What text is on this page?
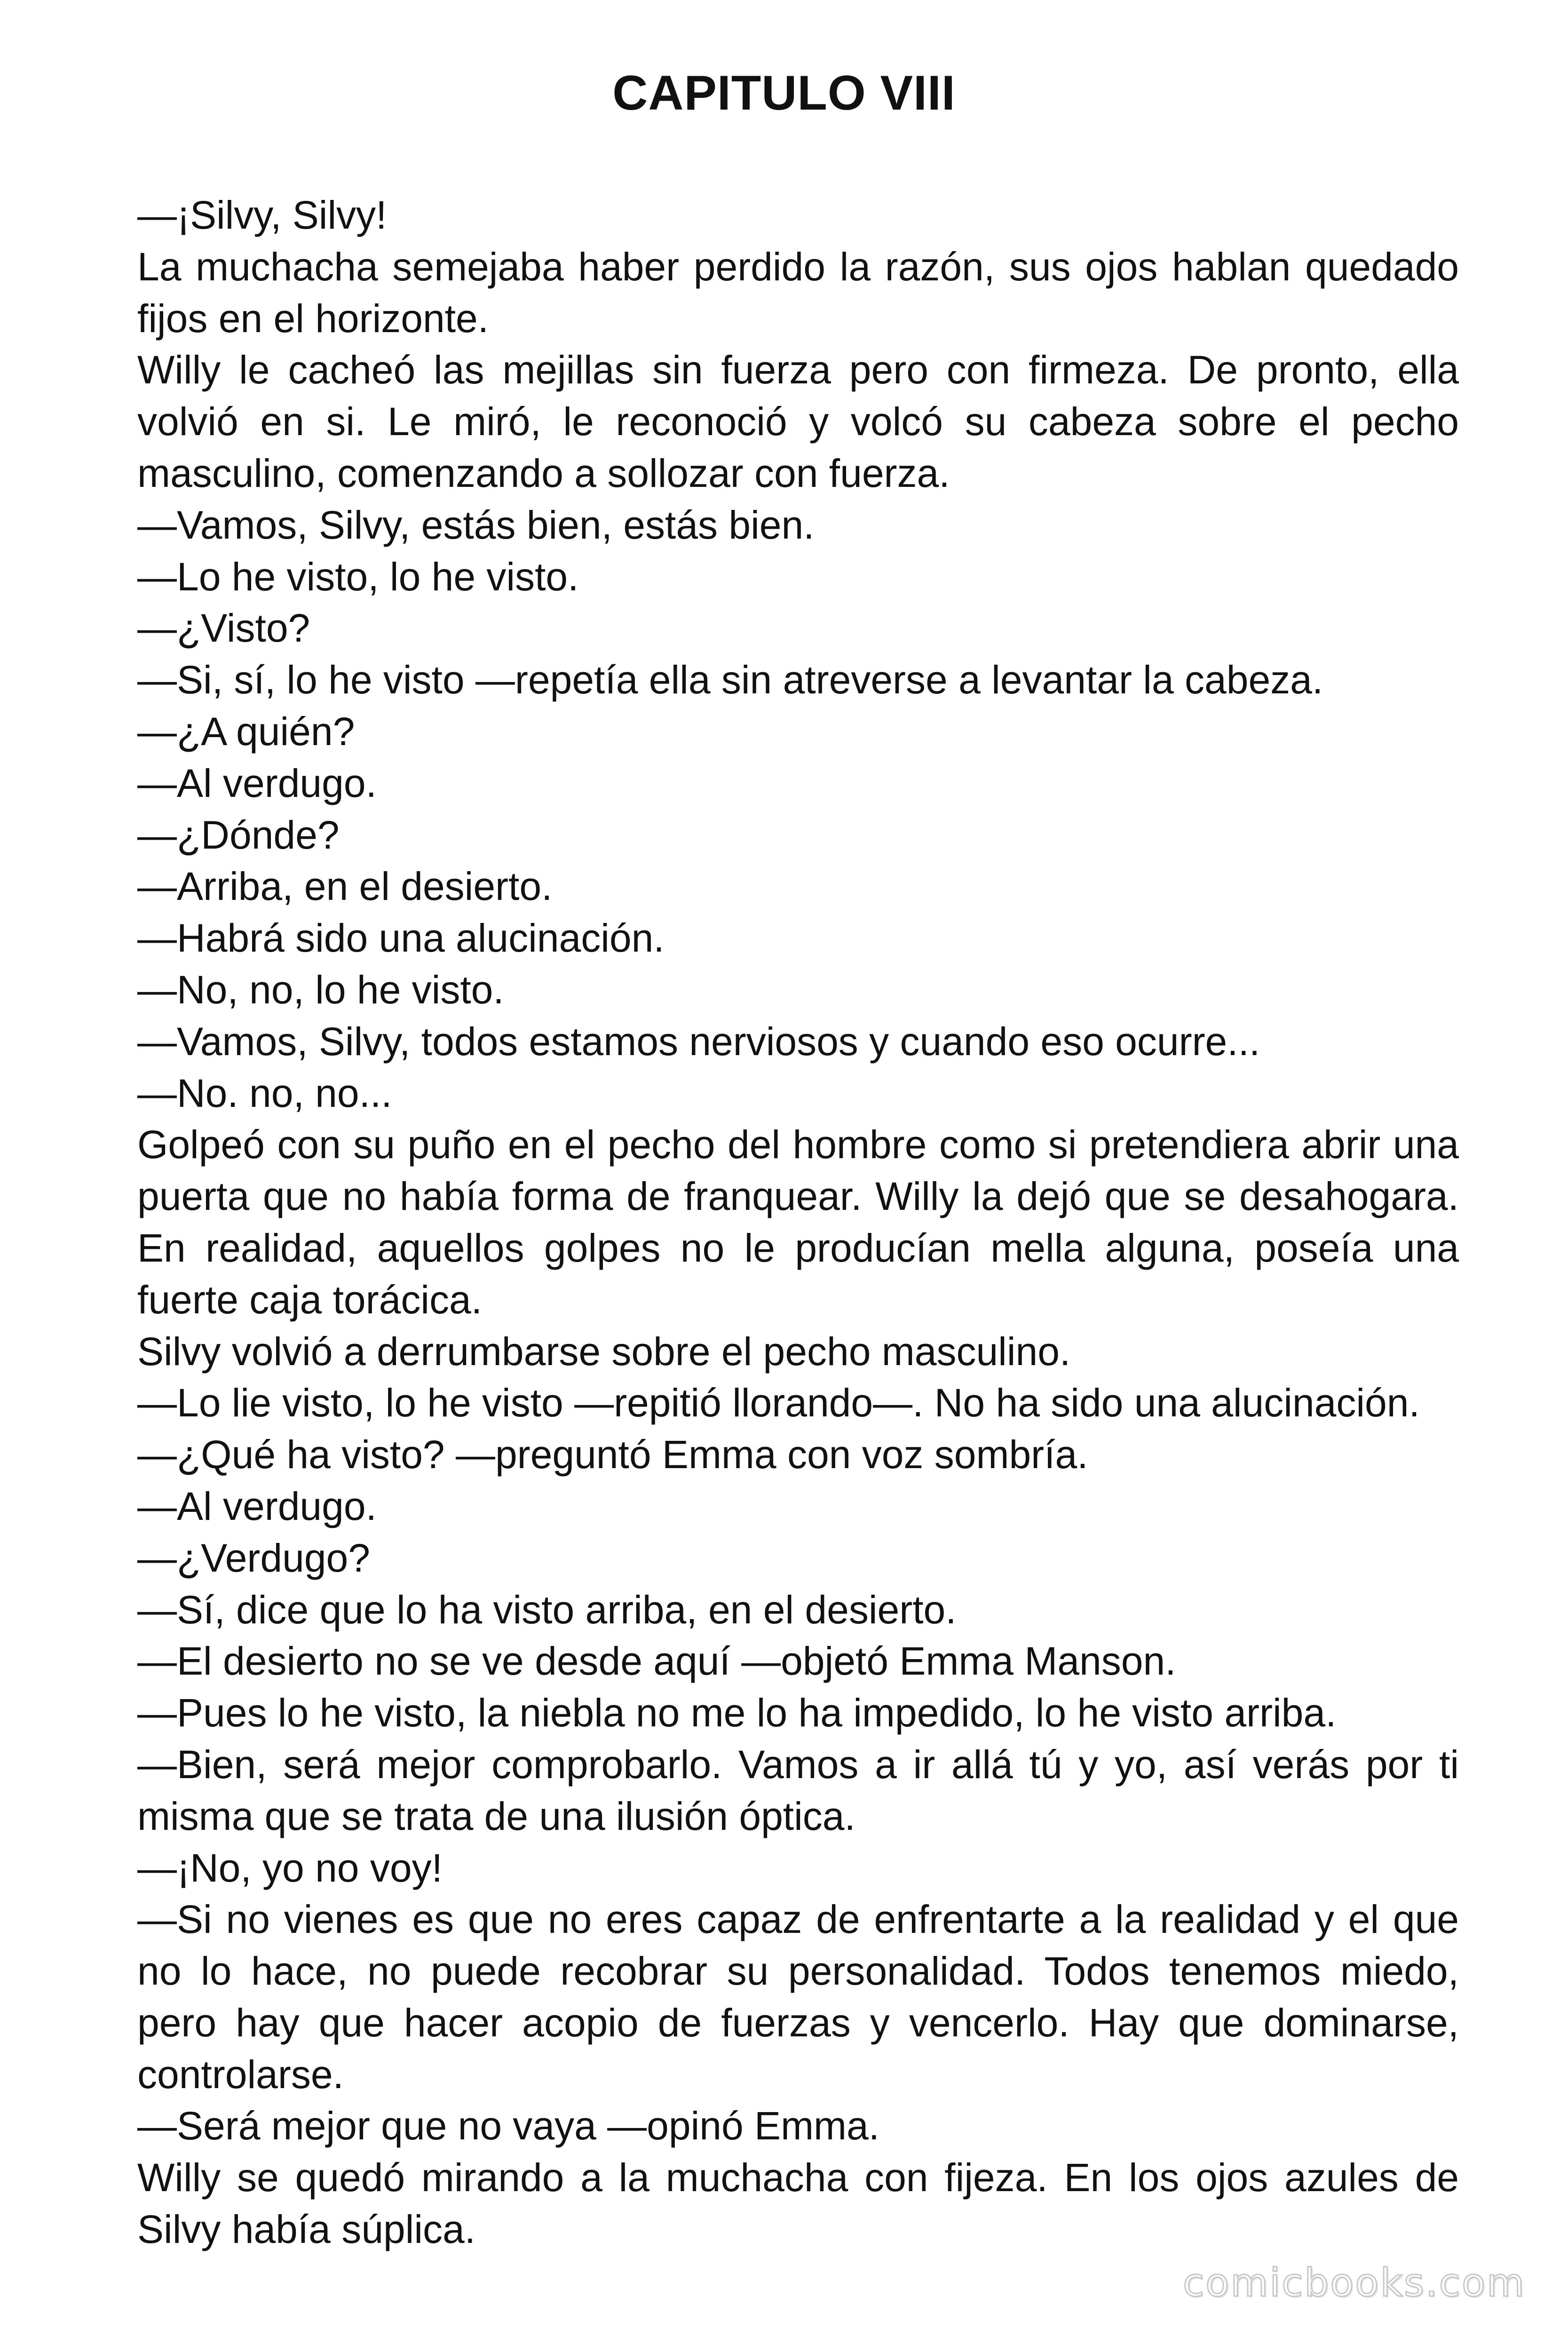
CAPITULO VIII

—¡Silvy, Silvy!

La muchacha semejaba haber perdido la razón, sus ojos hablan quedado fijos en el horizonte.

Willy le cacheó las mejillas sin fuerza pero con firmeza. De pronto, ella volvió en si. Le miró, le reconoció y volcó su cabeza sobre el pecho masculino, comenzando a sollozar con fuerza.

—Vamos, Silvy, estás bien, estás bien.

—Lo he visto, lo he visto.

—¿Visto?

—Si, sí, lo he visto —repetía ella sin atreverse a levantar la cabeza.

—¿A quién?

—Al verdugo.

—¿Dónde?

—Arriba, en el desierto.

—Habrá sido una alucinación.

—No, no, lo he visto.

—Vamos, Silvy, todos estamos nerviosos y cuando eso ocurre...

—No. no, no...

Golpeó con su puño en el pecho del hombre como si pretendiera abrir una puerta que no había forma de franquear. Willy la dejó que se desahogara. En realidad, aquellos golpes no le producían mella alguna, poseía una fuerte caja torácica.

Silvy volvió a derrumbarse sobre el pecho masculino.

—Lo lie visto, lo he visto —repitió llorando—. No ha sido una alucinación.

—¿Qué ha visto? —preguntó Emma con voz sombría.

—Al verdugo.

—¿Verdugo?

—Sí, dice que lo ha visto arriba, en el desierto.

—El desierto no se ve desde aquí —objetó Emma Manson.

—Pues lo he visto, la niebla no me lo ha impedido, lo he visto arriba.

—Bien, será mejor comprobarlo. Vamos a ir allá tú y yo, así verás por ti misma que se trata de una ilusión óptica.

—¡No, yo no voy!

—Si no vienes es que no eres capaz de enfrentarte a la realidad y el que no lo hace, no puede recobrar su personalidad. Todos tenemos miedo, pero hay que hacer acopio de fuerzas y vencerlo. Hay que dominarse, controlarse.

—Será mejor que no vaya —opinó Emma.

Willy se quedó mirando a la muchacha con fijeza. En los ojos azules de Silvy había súplica.

comicbooks.com
